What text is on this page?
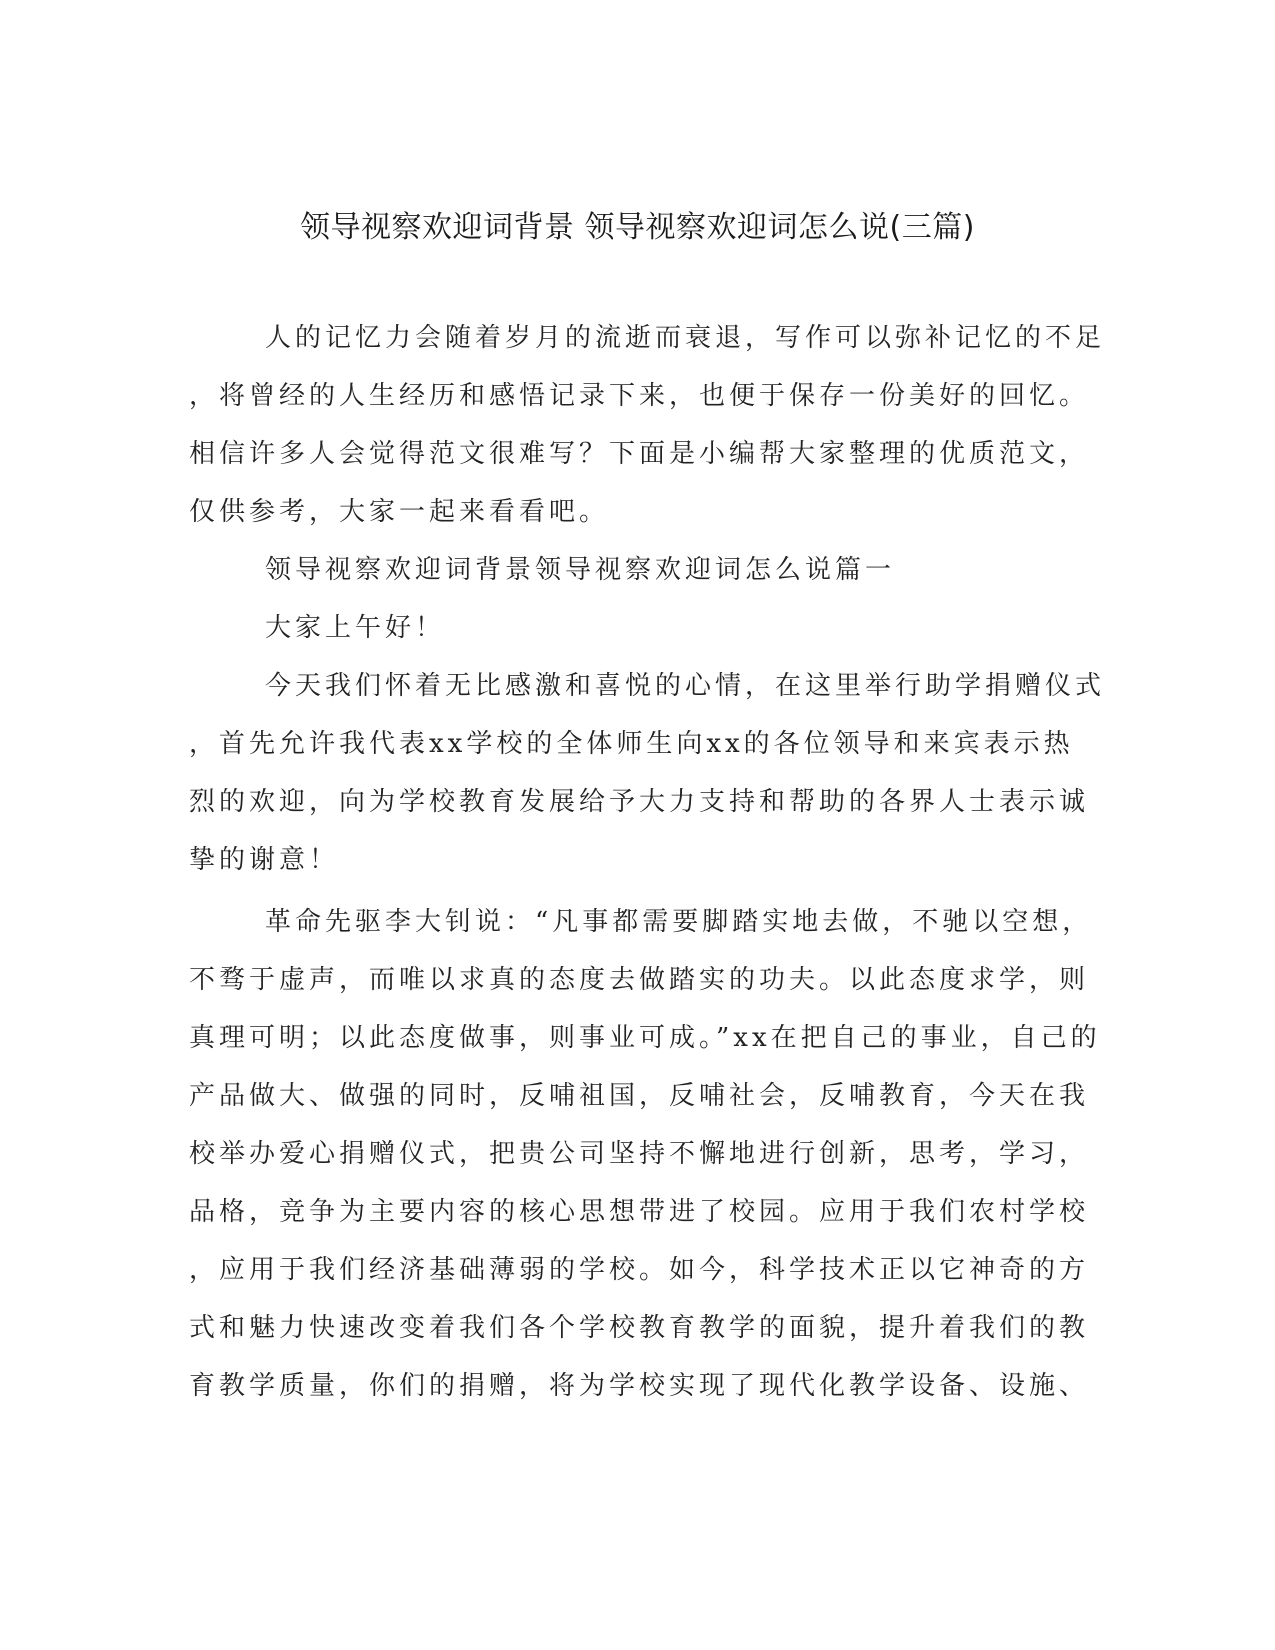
领导视察欢迎词背景 领导视察欢迎词怎么说(三篇)
人的记忆力会随着岁月的流逝而衰退，写作可以弥补记忆的不足
，将曾经的人生经历和感悟记录下来，也便于保存一份美好的回忆。
相信许多人会觉得范文很难写？下面是小编帮大家整理的优质范文，
仅供参考，大家一起来看看吧。
领导视察欢迎词背景领导视察欢迎词怎么说篇一
大家上午好！
今天我们怀着无比感激和喜悦的心情，在这里举行助学捐赠仪式
，首先允许我代表xx学校的全体师生向xx的各位领导和来宾表示热
烈的欢迎，向为学校教育发展给予大力支持和帮助的各界人士表示诚
挚的谢意！
革命先驱李大钊说：“凡事都需要脚踏实地去做，不驰以空想，
不骛于虚声，而唯以求真的态度去做踏实的功夫。以此态度求学，则
真理可明；以此态度做事，则事业可成。”xx在把自己的事业，自己的
产品做大、做强的同时，反哺祖国，反哺社会，反哺教育，今天在我
校举办爱心捐赠仪式，把贵公司坚持不懈地进行创新，思考，学习，
品格，竞争为主要内容的核心思想带进了校园。应用于我们农村学校
，应用于我们经济基础薄弱的学校。如今，科学技术正以它神奇的方
式和魅力快速改变着我们各个学校教育教学的面貌，提升着我们的教
育教学质量，你们的捐赠，将为学校实现了现代化教学设备、设施、
